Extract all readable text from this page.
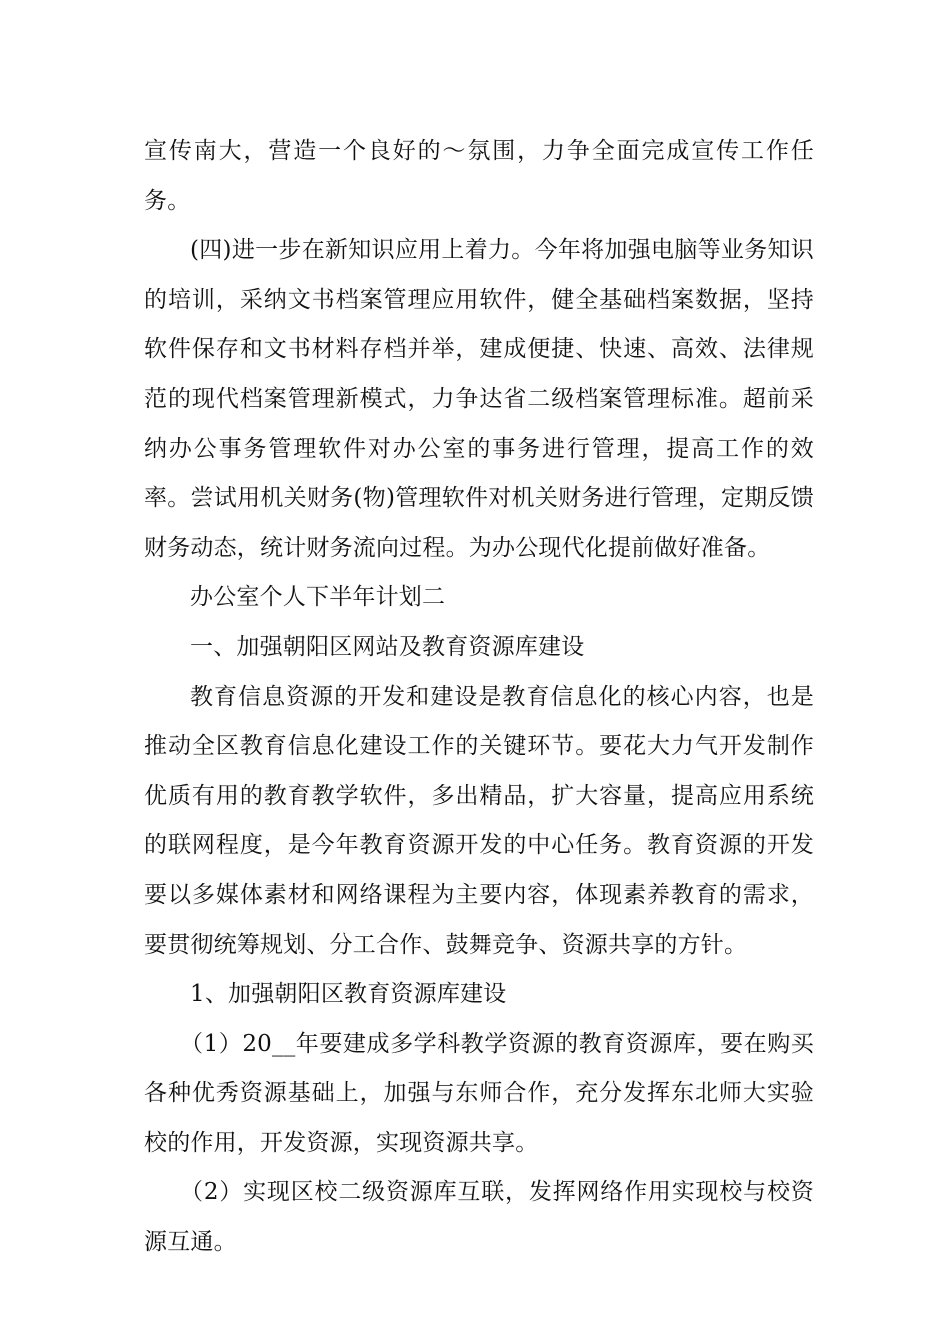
宣传南大，营造一个良好的～氛围，力争全面完成宣传工作任务。

(四)进一步在新知识应用上着力。今年将加强电脑等业务知识的培训，采纳文书档案管理应用软件，健全基础档案数据，坚持软件保存和文书材料存档并举，建成便捷、快速、高效、法律规范的现代档案管理新模式，力争达省二级档案管理标准。超前采纳办公事务管理软件对办公室的事务进行管理，提高工作的效率。尝试用机关财务(物)管理软件对机关财务进行管理，定期反馈财务动态，统计财务流向过程。为办公现代化提前做好准备。

办公室个人下半年计划二

一、加强朝阳区网站及教育资源库建设

教育信息资源的开发和建设是教育信息化的核心内容，也是推动全区教育信息化建设工作的关键环节。要花大力气开发制作优质有用的教育教学软件，多出精品，扩大容量，提高应用系统的联网程度，是今年教育资源开发的中心任务。教育资源的开发要以多媒体素材和网络课程为主要内容，体现素养教育的需求，要贯彻统筹规划、分工合作、鼓舞竞争、资源共享的方针。

1、加强朝阳区教育资源库建设

（1）20__年要建成多学科教学资源的教育资源库，要在购买各种优秀资源基础上，加强与东师合作，充分发挥东北师大实验校的作用，开发资源，实现资源共享。

（2）实现区校二级资源库互联，发挥网络作用实现校与校资源互通。
